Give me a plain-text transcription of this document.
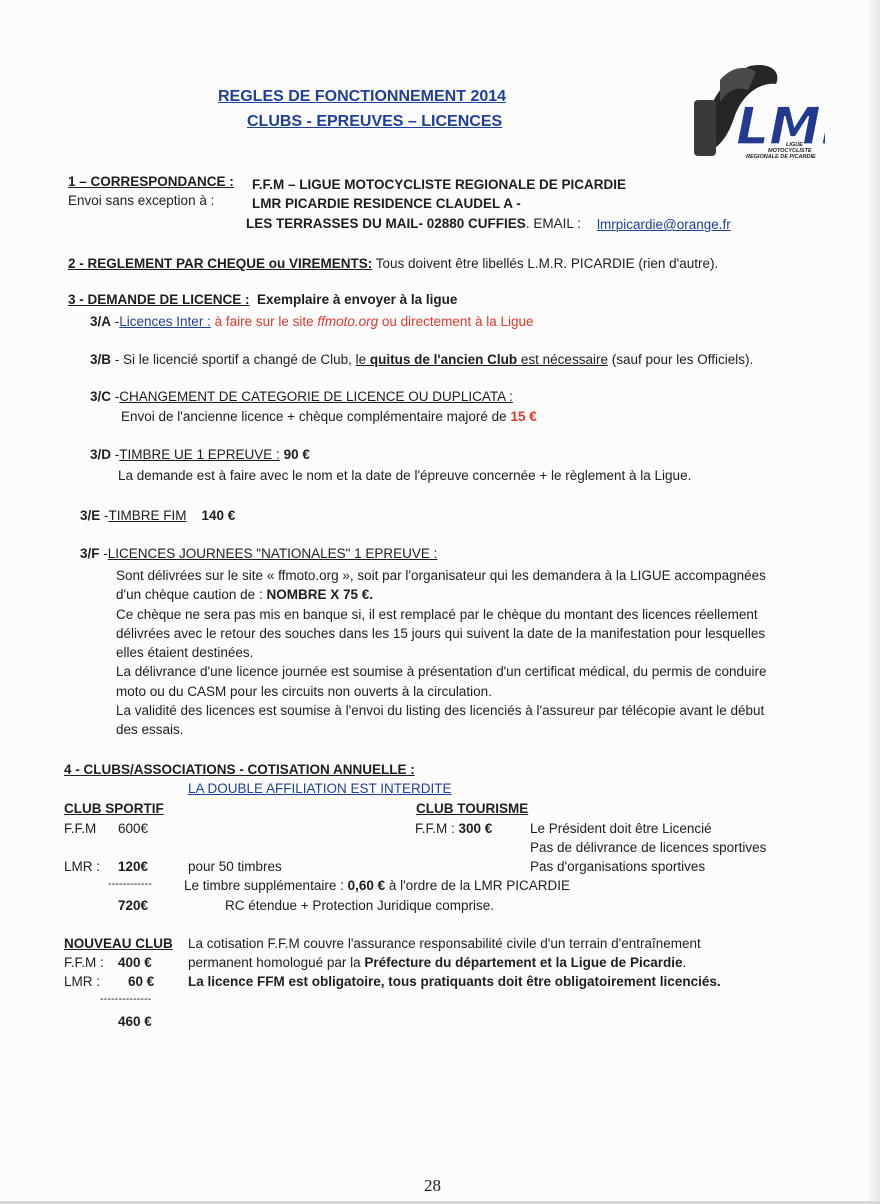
REGLES DE FONCTIONNEMENT 2014
CLUBS - EPREUVES – LICENCES	LM
LIGUE
MOTOCYCLISTE
REGIONALE DE PICARDIE
1 – CORRESPONDANCE :
Envoi sans exception à :
F.F.M – LIGUE MOTOCYCLISTE REGIONALE DE PICARDIE
LMR PICARDIE RESIDENCE CLAUDEL A -
LES TERRASSES DU MAIL- 02880 CUFFIES. EMAIL : lmrpicardie@orange.fr
2 - REGLEMENT PAR CHEQUE ou VIREMENTS: Tous doivent être libellés L.M.R. PICARDIE (rien d'autre).
3 - DEMANDE DE LICENCE : Exemplaire à envoyer à la ligue
3/A -Licences Inter : à faire sur le site ffmoto.org ou directement à la Ligue
3/B - Si le licencié sportif a changé de Club, le quitus de l'ancien Club est nécessaire (sauf pour les Officiels).
3/C -CHANGEMENT DE CATEGORIE DE LICENCE OU DUPLICATA :
Envoi de l'ancienne licence + chèque complémentaire majoré de 15 €
3/D -TIMBRE UE 1 EPREUVE : 90 €
La demande est à faire avec le nom et la date de l'épreuve concernée + le règlement à la Ligue.
3/E -TIMBRE FIM 140 €
3/F -LICENCES JOURNEES "NATIONALES" 1 EPREUVE :
Sont délivrées sur le site « ffmoto.org », soit par l'organisateur qui les demandera à la LIGUE accompagnées
d'un chèque caution de : NOMBRE X 75 €.
Ce chèque ne sera pas mis en banque si, il est remplacé par le chèque du montant des licences réellement
délivrées avec le retour des souches dans les 15 jours qui suivent la date de la manifestation pour lesquelles
elles étaient destinées.
La délivrance d'une licence journée est soumise à présentation d'un certificat médical, du permis de conduire
moto ou du CASM pour les circuits non ouverts à la circulation.
La validité des licences est soumise à l'envoi du listing des licenciés à l'assureur par télécopie avant le début
des essais.
4 - CLUBS/ASSOCIATIONS - COTISATION ANNUELLE :
LA DOUBLE AFFILIATION EST INTERDITE
CLUB SPORTIF	CLUB TOURISME
F.F.M 600€	F.F.M : 300 €	Le Président doit être Licencié
Pas de délivrance de licences sportives
LMR : 120€	pour 50 timbres	Pas d'organisations sportives
------------ Le timbre supplémentaire : 0,60 € à l'ordre de la LMR PICARDIE
720€	RC étendue + Protection Juridique comprise.
NOUVEAU CLUB La cotisation F.F.M couvre l'assurance responsabilité civile d'un terrain d'entraînement
F.F.M : 400 €	permanent homologué par la Préfecture du département et la Ligue de Picardie.
LMR : 60 € La licence FFM est obligatoire, tous pratiquants doit être obligatoirement licenciés.
--------------
460 €
28
